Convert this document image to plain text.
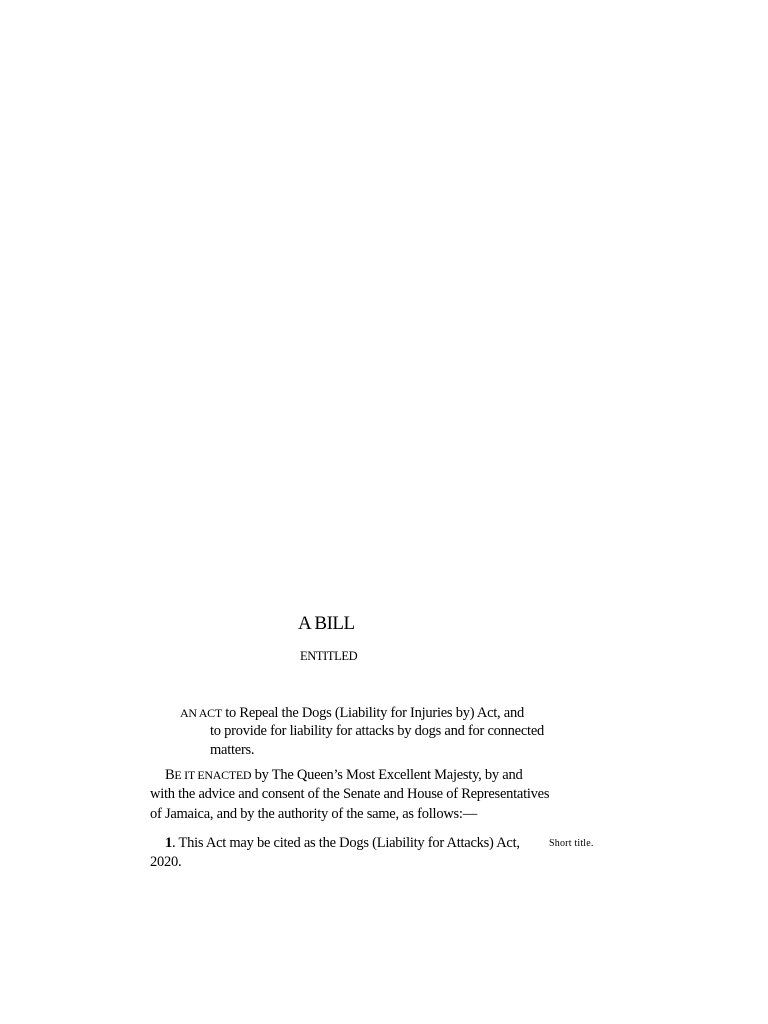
A BILL
ENTITLED
AN ACT to Repeal the Dogs (Liability for Injuries by) Act, and
to provide for liability for attacks by dogs and for connected
matters.
BE IT ENACTED by The Queen’s Most Excellent Majesty, by and
with the advice and consent of the Senate and House of Representatives
of Jamaica, and by the authority of the same, as follows:—
1. This Act may be cited as the Dogs (Liability for Attacks) Act,
2020.
Short title.
